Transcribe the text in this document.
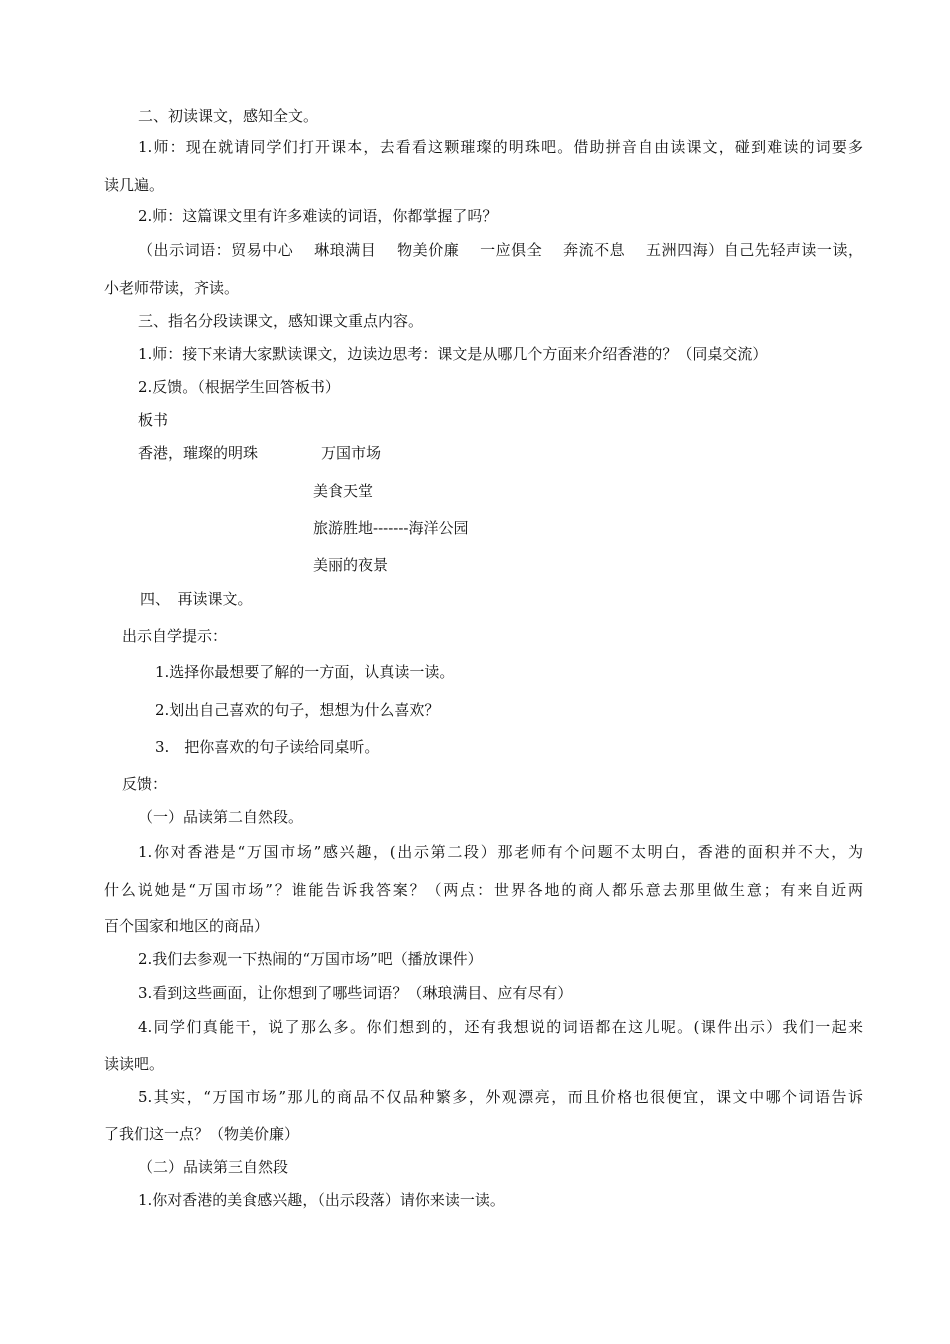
二、初读课文，感知全文。
1.师：现在就请同学们打开课本，去看看这颗璀璨的明珠吧。借助拼音自由读课文，碰到难读的词要多
读几遍。
2.师：这篇课文里有许多难读的词语，你都掌握了吗？
（出示词语：贸易中心　 琳琅满目　 物美价廉　 一应俱全　 奔流不息　 五洲四海）自己先轻声读一读，
小老师带读，齐读。
三、指名分段读课文，感知课文重点内容。
1.师：接下来请大家默读课文，边读边思考：课文是从哪几个方面来介绍香港的？（同桌交流）
2.反馈。（根据学生回答板书）
板书
香港，璀璨的明珠	万国市场
美食天堂
旅游胜地-------海洋公园
美丽的夜景
四、　再读课文。
出示自学提示：
1.选择你最想要了解的一方面，认真读一读。
2.划出自己喜欢的句子，想想为什么喜欢？
3.　把你喜欢的句子读给同桌听。
反馈：
（一）品读第二自然段。
1.你对香港是“万国市场”感兴趣，(出示第二段）那老师有个问题不太明白，香港的面积并不大，为
什么说她是“万国市场”？谁能告诉我答案？（两点：世界各地的商人都乐意去那里做生意；有来自近两
百个国家和地区的商品）
2.我们去参观一下热闹的“万国市场”吧（播放课件）
3.看到这些画面，让你想到了哪些词语？（琳琅满目、应有尽有）
4.同学们真能干，说了那么多。你们想到的，还有我想说的词语都在这儿呢。(课件出示）我们一起来
读读吧。
5.其实，“万国市场”那儿的商品不仅品种繁多，外观漂亮，而且价格也很便宜，课文中哪个词语告诉
了我们这一点？（物美价廉）
（二）品读第三自然段
1.你对香港的美食感兴趣，（出示段落）请你来读一读。
